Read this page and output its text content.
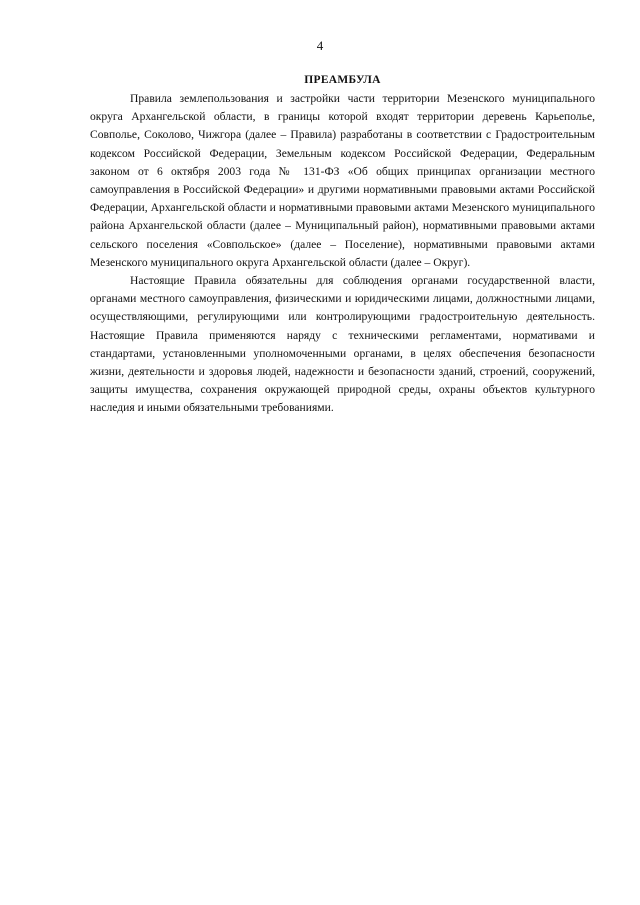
4
ПРЕАМБУЛА

Правила землепользования и застройки части территории Мезенского муниципального округа Архангельской области, в границы которой входят территории деревень Карьеполье, Совполье, Соколово, Чижгора (далее – Правила) разработаны в соответствии с Градостроительным кодексом Российской Федерации, Земельным кодексом Российской Федерации, Федеральным законом от 6 октября 2003 года № 131-ФЗ «Об общих принципах организации местного самоуправления в Российской Федерации» и другими нормативными правовыми актами Российской Федерации, Архангельской области и нормативными правовыми актами Мезенского муниципального района Архангельской области (далее – Муниципальный район), нормативными правовыми актами сельского поселения «Совпольское» (далее – Поселение), нормативными правовыми актами Мезенского муниципального округа Архангельской области (далее – Округ).

Настоящие Правила обязательны для соблюдения органами государственной власти, органами местного самоуправления, физическими и юридическими лицами, должностными лицами, осуществляющими, регулирующими или контролирующими градостроительную деятельность. Настоящие Правила применяются наряду с техническими регламентами, нормативами и стандартами, установленными уполномоченными органами, в целях обеспечения безопасности жизни, деятельности и здоровья людей, надежности и безопасности зданий, строений, сооружений, защиты имущества, сохранения окружающей природной среды, охраны объектов культурного наследия и иными обязательными требованиями.
